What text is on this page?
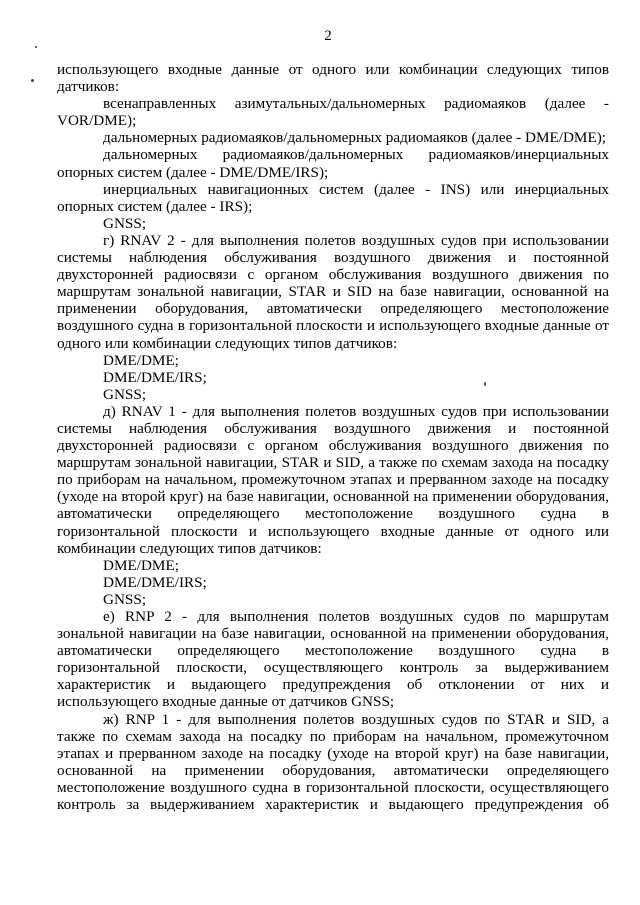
2
использующего входные данные от одного или комбинации следующих типов
датчиков:
всенаправленных азимутальных/дальномерных радиомаяков (далее -
VOR/DME);
дальномерных радиомаяков/дальномерных радиомаяков (далее - DME/DME);
дальномерных радиомаяков/дальномерных радиомаяков/инерциальных
опорных систем (далее - DME/DME/IRS);
инерциальных навигационных систем (далее - INS) или инерциальных
опорных систем (далее - IRS);
GNSS;
г) RNAV 2 - для выполнения полетов воздушных судов при использовании
системы наблюдения обслуживания воздушного движения и постоянной
двухсторонней радиосвязи с органом обслуживания воздушного движения по
маршрутам зональной навигации, STAR и SID на базе навигации, основанной на
применении оборудования, автоматически определяющего местоположение
воздушного судна в горизонтальной плоскости и использующего входные данные от
одного или комбинации следующих типов датчиков:
DME/DME;
DME/DME/IRS;
GNSS;
д) RNAV 1 - для выполнения полетов воздушных судов при использовании
системы наблюдения обслуживания воздушного движения и постоянной
двухсторонней радиосвязи с органом обслуживания воздушного движения по
маршрутам зональной навигации, STAR и SID, а также по схемам захода на посадку
по приборам на начальном, промежуточном этапах и прерванном заходе на посадку
(уходе на второй круг) на базе навигации, основанной на применении оборудования,
автоматически определяющего местоположение воздушного судна в
горизонтальной плоскости и использующего входные данные от одного или
комбинации следующих типов датчиков:
DME/DME;
DME/DME/IRS;
GNSS;
е) RNP 2 - для выполнения полетов воздушных судов по маршрутам
зональной навигации на базе навигации, основанной на применении оборудования,
автоматически определяющего местоположение воздушного судна в
горизонтальной плоскости, осуществляющего контроль за выдерживанием
характеристик и выдающего предупреждения об отклонении от них и
использующего входные данные от датчиков GNSS;
ж) RNP 1 - для выполнения полетов воздушных судов по STAR и SID, а
также по схемам захода на посадку по приборам на начальном, промежуточном
этапах и прерванном заходе на посадку (уходе на второй круг) на базе навигации,
основанной на применении оборудования, автоматически определяющего
местоположение воздушного судна в горизонтальной плоскости, осуществляющего
контроль за выдерживанием характеристик и выдающего предупреждения об
